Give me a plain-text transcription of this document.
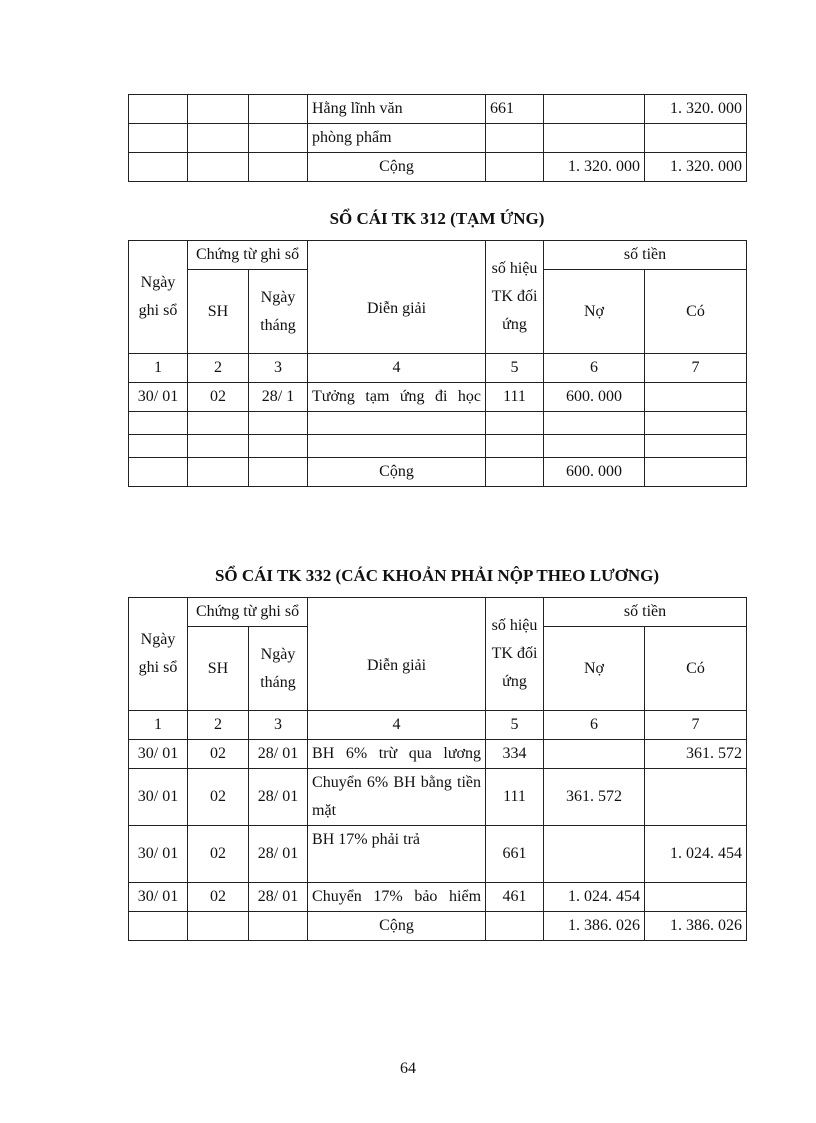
			Hằng lĩnh văn	661		1. 320. 000
			phòng phẩm			
			Cộng		1. 320. 000	1. 320. 000
SỔ CÁI TK 312 (TẠM ỨNG)
Ngày ghi sổ	Chứng từ ghi sổ		Diễn giải	số hiệu TK đối ứng	số tiền	
	SH	Ngày tháng			Nợ	Có
1	2	3	4	5	6	7
30/ 01	02	28/ 1	Tưởng tạm ứng đi học	111	600. 000	

			Cộng		600. 000	
SỔ CÁI TK 332 (CÁC KHOẢN PHẢI NỘP THEO LƯƠNG)
Ngày ghi sổ	Chứng từ ghi sổ		Diễn giải	số hiệu TK đối ứng	số tiền	
	SH	Ngày tháng			Nợ	Có
1	2	3	4	5	6	7
30/ 01	02	28/ 01	BH 6% trừ qua lương	334		361. 572
30/ 01	02	28/ 01	Chuyển 6% BH bằng tiền mặt	111	361. 572	
30/ 01	02	28/ 01	BH 17% phải trả	661		1. 024. 454
30/ 01	02	28/ 01	Chuyển 17% bảo hiểm	461	1. 024. 454	
			Cộng		1. 386. 026	1. 386. 026
64
